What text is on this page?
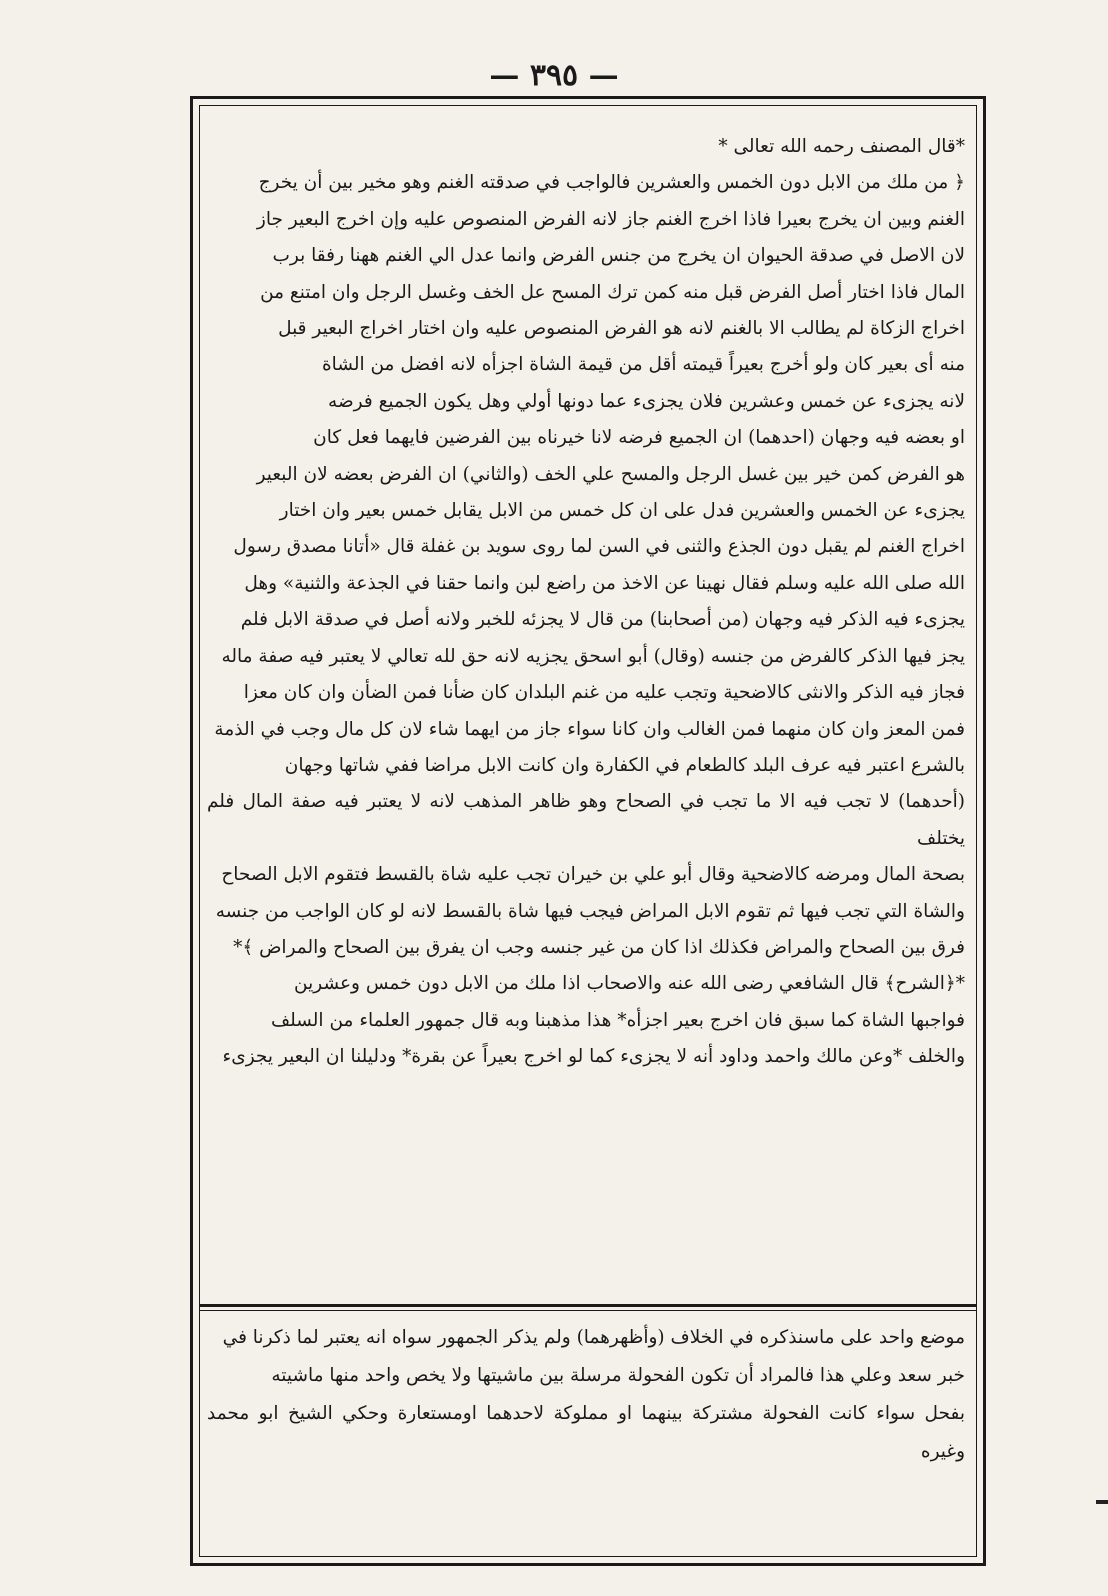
— ٣٩٥ —

*قال المصنف رحمه الله تعالى *

﴿ من ملك من الابل دون الخمس والعشرين فالواجب في صدقته الغنم وهو مخير بين أن يخرج

الغنم وبين ان يخرج بعيرا فاذا اخرج الغنم جاز لانه الفرض المنصوص عليه وإن اخرج البعير جاز

لان الاصل في صدقة الحيوان ان يخرج من جنس الفرض وانما عدل الي الغنم ههنا رفقا برب

المال فاذا اختار أصل الفرض قبل منه كمن ترك المسح عل الخف وغسل الرجل وان امتنع من

اخراج الزكاة لم يطالب الا بالغنم لانه هو الفرض المنصوص عليه وان اختار اخراج البعير قبل

منه أى بعير كان ولو أخرج بعيراً قيمته أقل من قيمة الشاة اجزأه لانه افضل من الشاة

لانه يجزىء عن خمس وعشرين فلان يجزىء عما دونها أولي وهل يكون الجميع فرضه

او بعضه فيه وجهان (احدهما) ان الجميع فرضه لانا خيرناه بين الفرضين فايهما فعل كان

هو الفرض كمن خير بين غسل الرجل والمسح علي الخف (والثاني) ان الفرض بعضه لان البعير

يجزىء عن الخمس والعشرين فدل على ان كل خمس من الابل يقابل خمس بعير وان اختار

اخراج الغنم لم يقبل دون الجذع والثنى في السن لما روى سويد بن غفلة قال «أتانا مصدق رسول

الله صلى الله عليه وسلم فقال نهينا عن الاخذ من راضع لبن وانما حقنا في الجذعة والثنية» وهل

يجزىء فيه الذكر فيه وجهان (من أصحابنا) من قال لا يجزئه للخبر ولانه أصل في صدقة الابل فلم

يجز فيها الذكر كالفرض من جنسه (وقال) أبو اسحق يجزيه لانه حق لله تعالي لا يعتبر فيه صفة ماله

فجاز فيه الذكر والانثى كالاضحية وتجب عليه من غنم البلدان كان ضأنا فمن الضأن وان كان معزا

فمن المعز وان كان منهما فمن الغالب وان كانا سواء جاز من ايهما شاء لان كل مال وجب في الذمة

بالشرع اعتبر فيه عرف البلد كالطعام في الكفارة وان كانت الابل مراضا ففي شاتها وجهان

(أحدهما) لا تجب فيه الا ما تجب في الصحاح وهو ظاهر المذهب لانه لا يعتبر فيه صفة المال فلم يختلف

بصحة المال ومرضه كالاضحية وقال أبو علي بن خيران تجب عليه شاة بالقسط فتقوم الابل الصحاح

والشاة التي تجب فيها ثم تقوم الابل المراض فيجب فيها شاة بالقسط لانه لو كان الواجب من جنسه

فرق بين الصحاح والمراض فكذلك اذا كان من غير جنسه وجب ان يفرق بين الصحاح والمراض ﴾*

*﴿الشرح﴾ قال الشافعي رضى الله عنه والاصحاب اذا ملك من الابل دون خمس وعشرين

فواجبها الشاة كما سبق فان اخرج بعير اجزأه* هذا مذهبنا وبه قال جمهور العلماء من السلف

والخلف *وعن مالك واحمد وداود أنه لا يجزىء كما لو اخرج بعيراً عن بقرة* ودليلنا ان البعير يجزىء

موضع واحد على ماسنذكره في الخلاف (وأظهرهما) ولم يذكر الجمهور سواه انه يعتبر لما ذكرنا في

خبر سعد وعلي هذا فالمراد أن تكون الفحولة مرسلة بين ماشيتها ولا يخص واحد منها ماشيته

بفحل سواء كانت الفحولة مشتركة بينهما او مملوكة لاحدهما اومستعارة وحكي الشيخ ابو محمد وغيره
